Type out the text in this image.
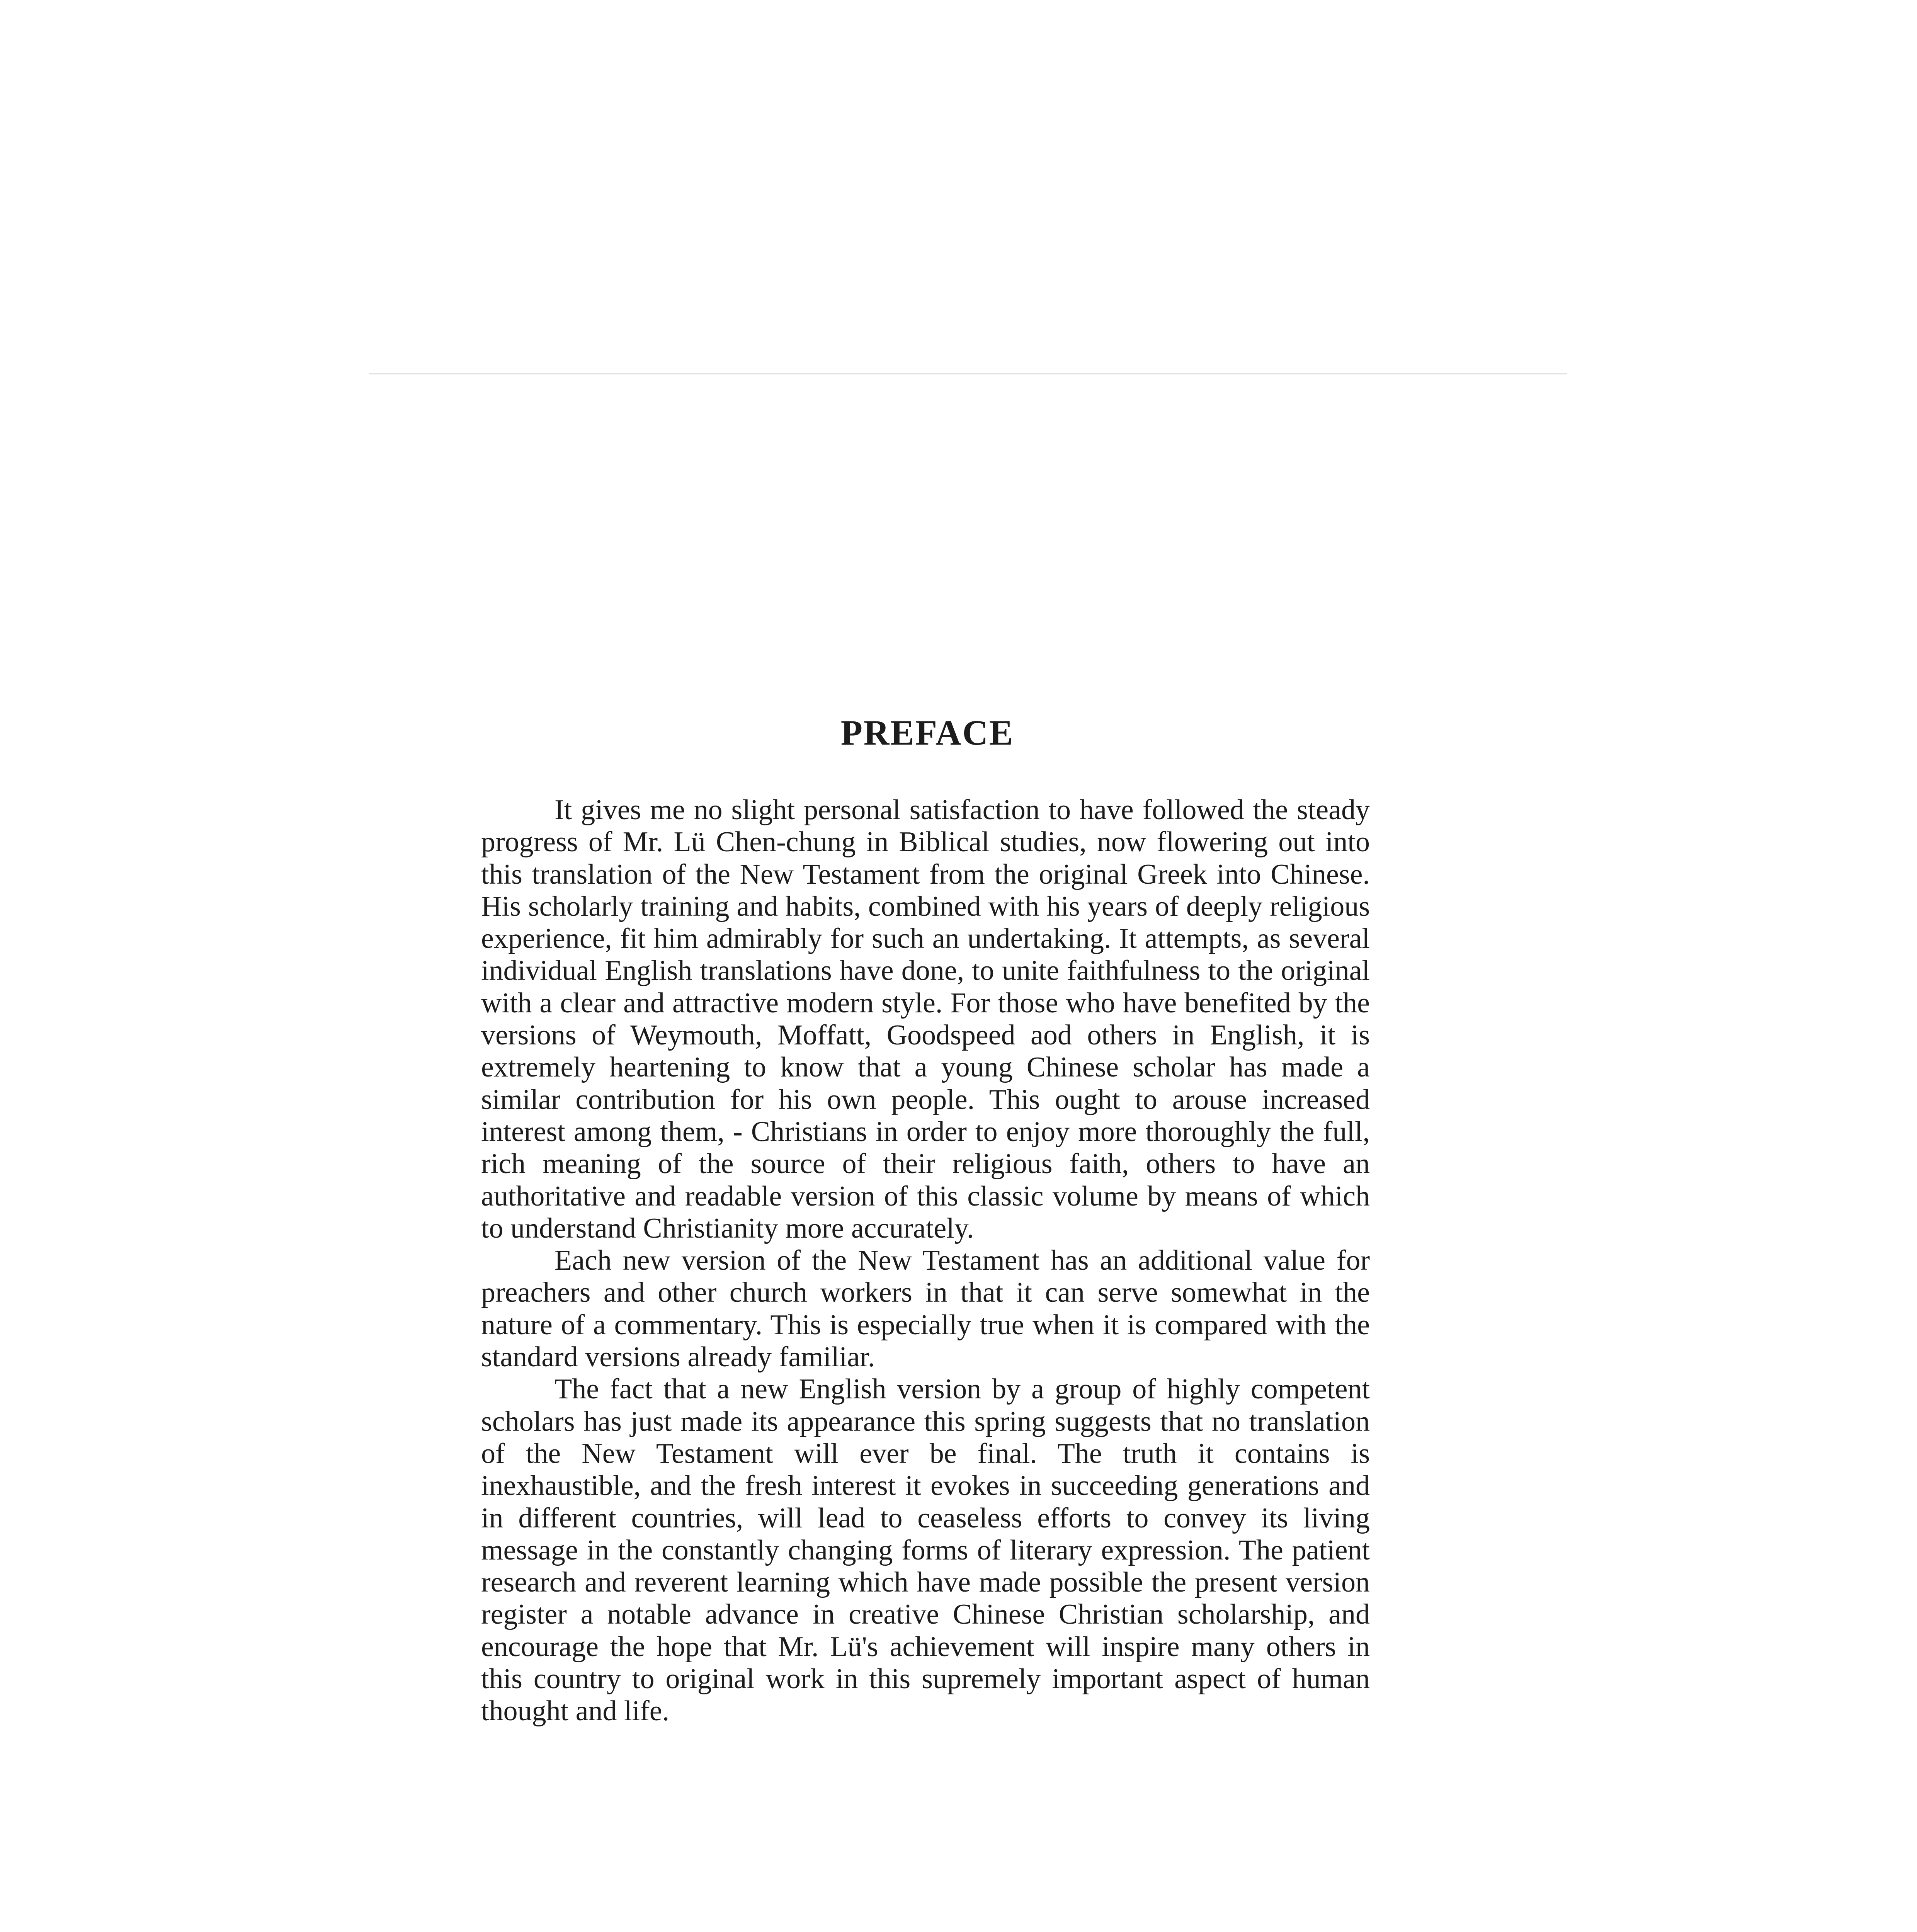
PREFACE

It gives me no slight personal satisfaction to have followed the steady progress of Mr. Lü Chen-chung in Biblical studies, now flowering out into this translation of the New Testament from the original Greek into Chinese. His scholarly training and habits, combined with his years of deeply religious experience, fit him admirably for such an undertaking. It attempts, as several individual English translations have done, to unite faithfulness to the original with a clear and attractive modern style. For those who have benefited by the versions of Weymouth, Moffatt, Goodspeed aod others in English, it is extremely heartening to know that a young Chinese scholar has made a similar contribution for his own people. This ought to arouse increased interest among them, - Christians in order to enjoy more thoroughly the full, rich meaning of the source of their religious faith, others to have an authoritative and readable version of this classic volume by means of which to understand Christianity more accurately.

Each new version of the New Testament has an additional value for preachers and other church workers in that it can serve somewhat in the nature of a commentary. This is especially true when it is compared with the standard versions already familiar.

The fact that a new English version by a group of highly competent scholars has just made its appearance this spring suggests that no translation of the New Testament will ever be final. The truth it contains is inexhaustible, and the fresh interest it evokes in succeeding generations and in different countries, will lead to ceaseless efforts to convey its living message in the constantly changing forms of literary expression. The patient research and reverent learning which have made possible the present version register a notable advance in creative Chinese Christian scholarship, and encourage the hope that Mr. Lü's achievement will inspire many others in this country to original work in this supremely important aspect of human thought and life.
